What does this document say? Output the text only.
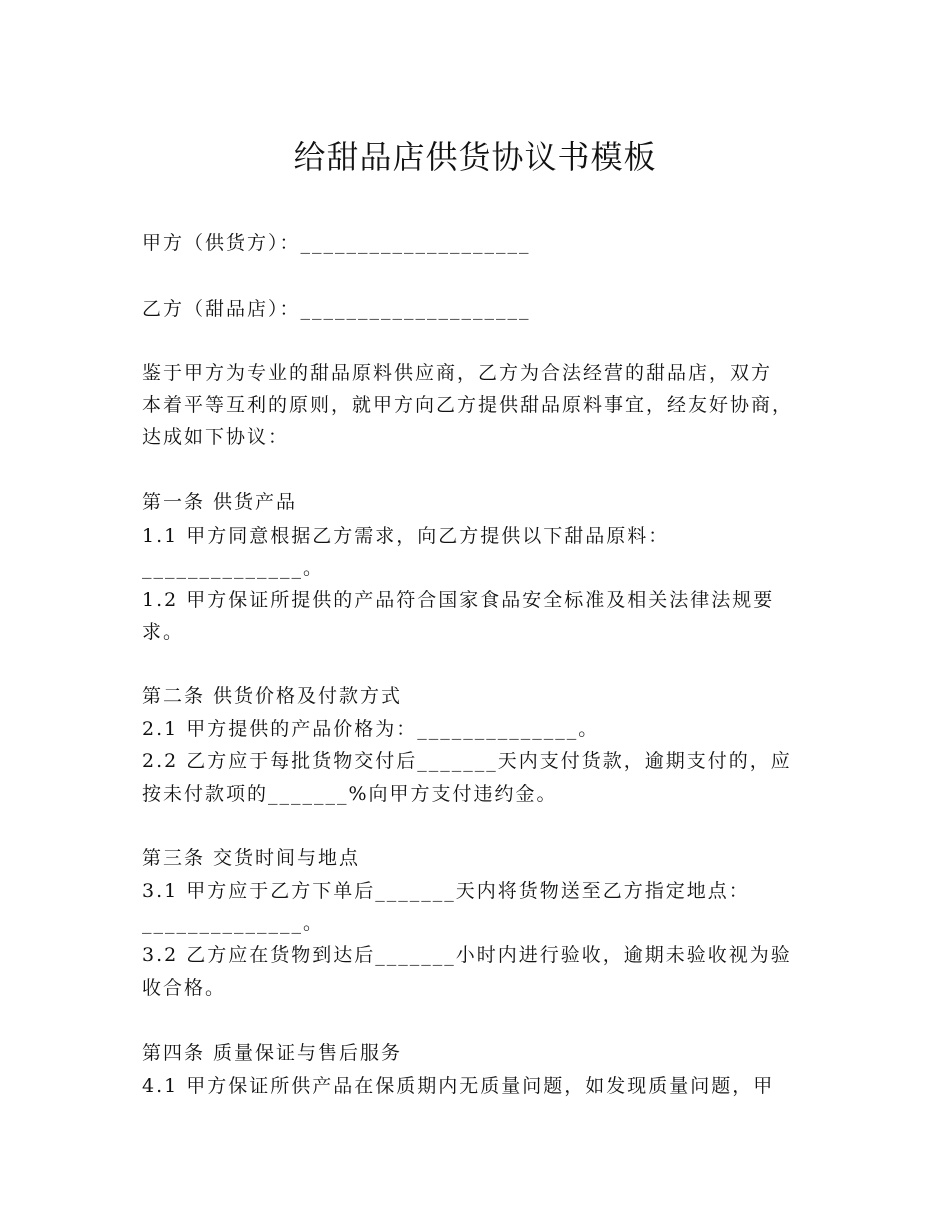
给甜品店供货协议书模板
甲方（供货方）：____________________
乙方（甜品店）：____________________
鉴于甲方为专业的甜品原料供应商，乙方为合法经营的甜品店，双方
本着平等互利的原则，就甲方向乙方提供甜品原料事宜，经友好协商，
达成如下协议：
第一条 供货产品
1.1 甲方同意根据乙方需求，向乙方提供以下甜品原料：
______________。
1.2 甲方保证所提供的产品符合国家食品安全标准及相关法律法规要
求。
第二条 供货价格及付款方式
2.1 甲方提供的产品价格为：______________。
2.2 乙方应于每批货物交付后_______天内支付货款，逾期支付的，应
按未付款项的_______%向甲方支付违约金。
第三条 交货时间与地点
3.1 甲方应于乙方下单后_______天内将货物送至乙方指定地点：
______________。
3.2 乙方应在货物到达后_______小时内进行验收，逾期未验收视为验
收合格。
第四条 质量保证与售后服务
4.1 甲方保证所供产品在保质期内无质量问题，如发现质量问题，甲
